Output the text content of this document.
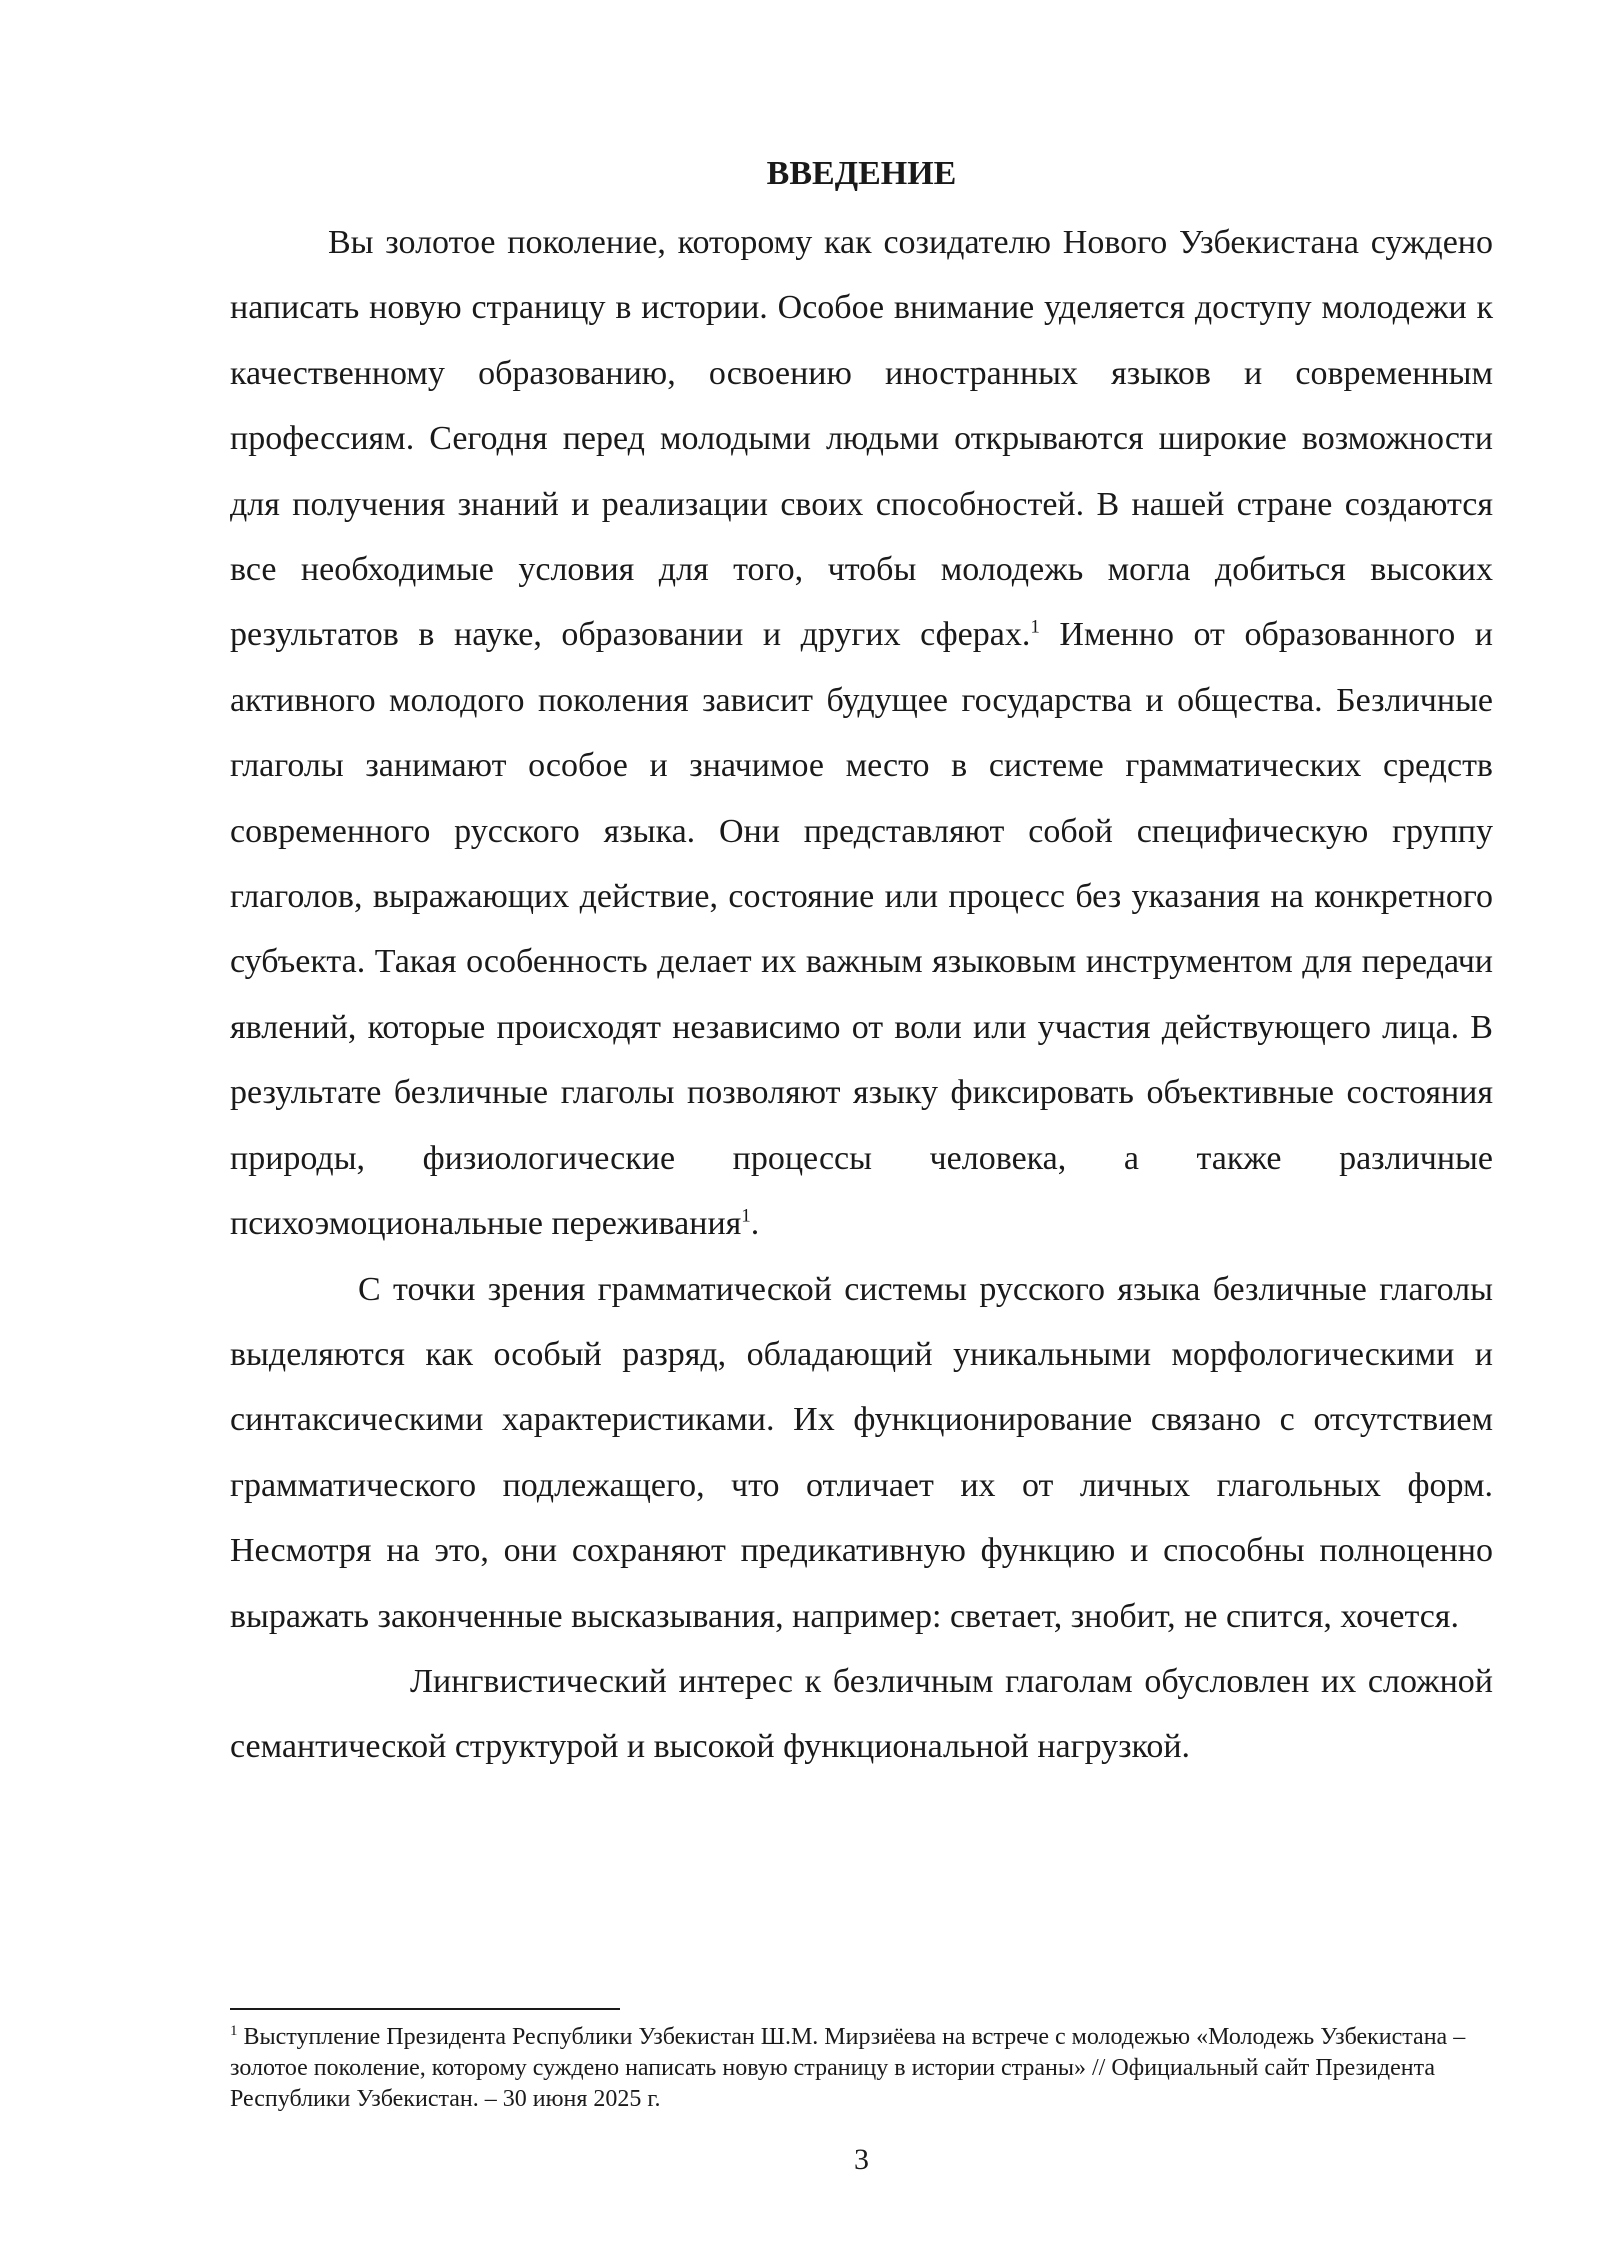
ВВЕДЕНИЕ

Вы золотое поколение, которому как созидателю Нового Узбекистана суждено написать новую страницу в истории. Особое внимание уделяется доступу молодежи к качественному образованию, освоению иностранных языков и современным профессиям. Сегодня перед молодыми людьми открываются широкие возможности для получения знаний и реализации своих способностей. В нашей стране создаются все необходимые условия для того, чтобы молодежь могла добиться высоких результатов в науке, образовании и других сферах.$^1$ Именно от образованного и активного молодого поколения зависит будущее государства и общества. Безличные глаголы занимают особое и значимое место в системе грамматических средств современного русского языка. Они представляют собой специфическую группу глаголов, выражающих действие, состояние или процесс без указания на конкретного субъекта. Такая особенность делает их важным языковым инструментом для передачи явлений, которые происходят независимо от воли или участия действующего лица. В результате безличные глаголы позволяют языку фиксировать объективные состояния природы, физиологические процессы человека, а также различные психоэмоциональные переживания$^1$.

С точки зрения грамматической системы русского языка безличные глаголы выделяются как особый разряд, обладающий уникальными морфологическими и синтаксическими характеристиками. Их функционирование связано с отсутствием грамматического подлежащего, что отличает их от личных глагольных форм. Несмотря на это, они сохраняют предикативную функцию и способны полноценно выражать законченные высказывания, например: светает, знобит, не спится, хочется.

Лингвистический интерес к безличным глаголам обусловлен их сложной семантической структурой и высокой функциональной нагрузкой.

$^1$ Выступление Президента Республики Узбекистан Ш.М. Мирзиёева на встрече с молодежью «Молодежь Узбекистана – золотое поколение, которому суждено написать новую страницу в истории страны» // Официальный сайт Президента Республики Узбекистан. – 30 июня 2025 г.
3
